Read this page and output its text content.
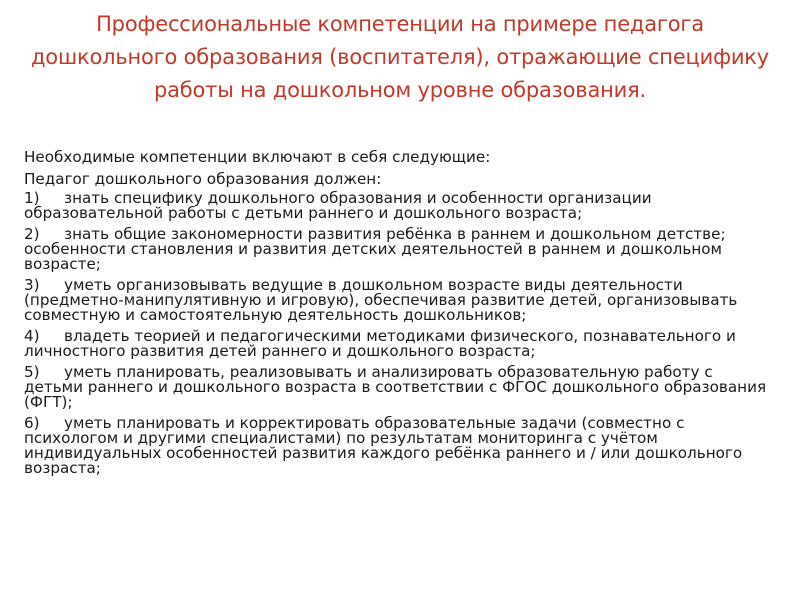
Профессиональные компетенции на примере педагога дошкольного образования (воспитателя), отражающие специфику работы на дошкольном уровне образования.

Необходимые компетенции включают в себя следующие:

Педагог дошкольного образования должен:

1) знать специфику дошкольного образования и особенности организации образовательной работы с детьми раннего и дошкольного возраста;
2) знать общие закономерности развития ребёнка в раннем и дошкольном детстве; особенности становления и развития детских деятельностей в раннем и дошкольном возрасте;
3) уметь организовывать ведущие в дошкольном возрасте виды деятельности (предметно-манипулятивную и игровую), обеспечивая развитие детей, организовывать совместную и самостоятельную деятельность дошкольников;
4) владеть теорией и педагогическими методиками физического, познавательного и личностного развития детей раннего и дошкольного возраста;
5) уметь планировать, реализовывать и анализировать образовательную работу с детьми раннего и дошкольного возраста в соответствии с ФГОС дошкольного образования (ФГТ);
6) уметь планировать и корректировать образовательные задачи (совместно с психологом и другими специалистами) по результатам мониторинга с учётом индивидуальных особенностей развития каждого ребёнка раннего и / или дошкольного возраста;
